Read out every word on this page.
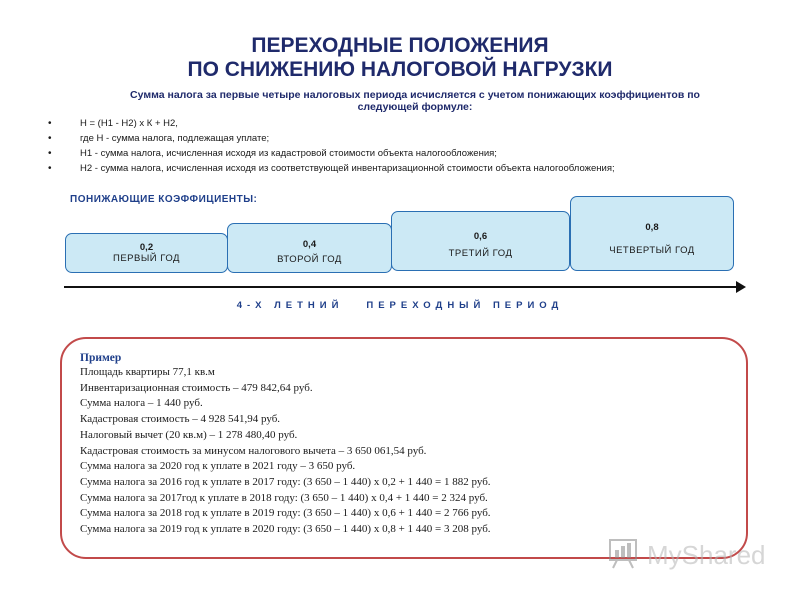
ПЕРЕХОДНЫЕ ПОЛОЖЕНИЯ
ПО СНИЖЕНИЮ НАЛОГОВОЙ НАГРУЗКИ
Сумма налога за первые четыре налоговых периода исчисляется с учетом понижающих коэффициентов по
следующей формуле:
• Н = (Н1 - Н2) х К + Н2,
• где Н - сумма налога, подлежащая уплате;
• Н1 - сумма налога, исчисленная исходя из кадастровой стоимости объекта налогообложения;
• Н2 - сумма налога, исчисленная исходя из соответствующей инвентаризационной стоимости объекта налогообложения;
ПОНИЖАЮЩИЕ КОЭФФИЦИЕНТЫ:
0,2
ПЕРВЫЙ ГОД
0,4
ВТОРОЙ ГОД
0,6
ТРЕТИЙ ГОД
0,8
ЧЕТВЕРТЫЙ ГОД
4-Х ЛЕТНИЙ ПЕРЕХОДНЫЙ ПЕРИОД
Пример
Площадь квартиры 77,1 кв.м
Инвентаризационная стоимость – 479 842,64 руб.
Сумма налога – 1 440 руб.
Кадастровая стоимость – 4 928 541,94 руб.
Налоговый вычет (20 кв.м) – 1 278 480,40 руб.
Кадастровая стоимость за минусом налогового вычета – 3 650 061,54 руб.
Сумма налога за 2020 год к уплате в 2021 году – 3 650 руб.
Сумма налога за 2016 год к уплате в 2017 году: (3 650 – 1 440) х 0,2 + 1 440 = 1 882 руб.
Сумма налога за 2017год к уплате в 2018 году: (3 650 – 1 440) х 0,4 + 1 440 = 2 324 руб.
Сумма налога за 2018 год к уплате в 2019 году: (3 650 – 1 440) х 0,6 + 1 440 = 2 766 руб.
Сумма налога за 2019 год к уплате в 2020 году: (3 650 – 1 440) х 0,8 + 1 440 = 3 208 руб.
MyShared
